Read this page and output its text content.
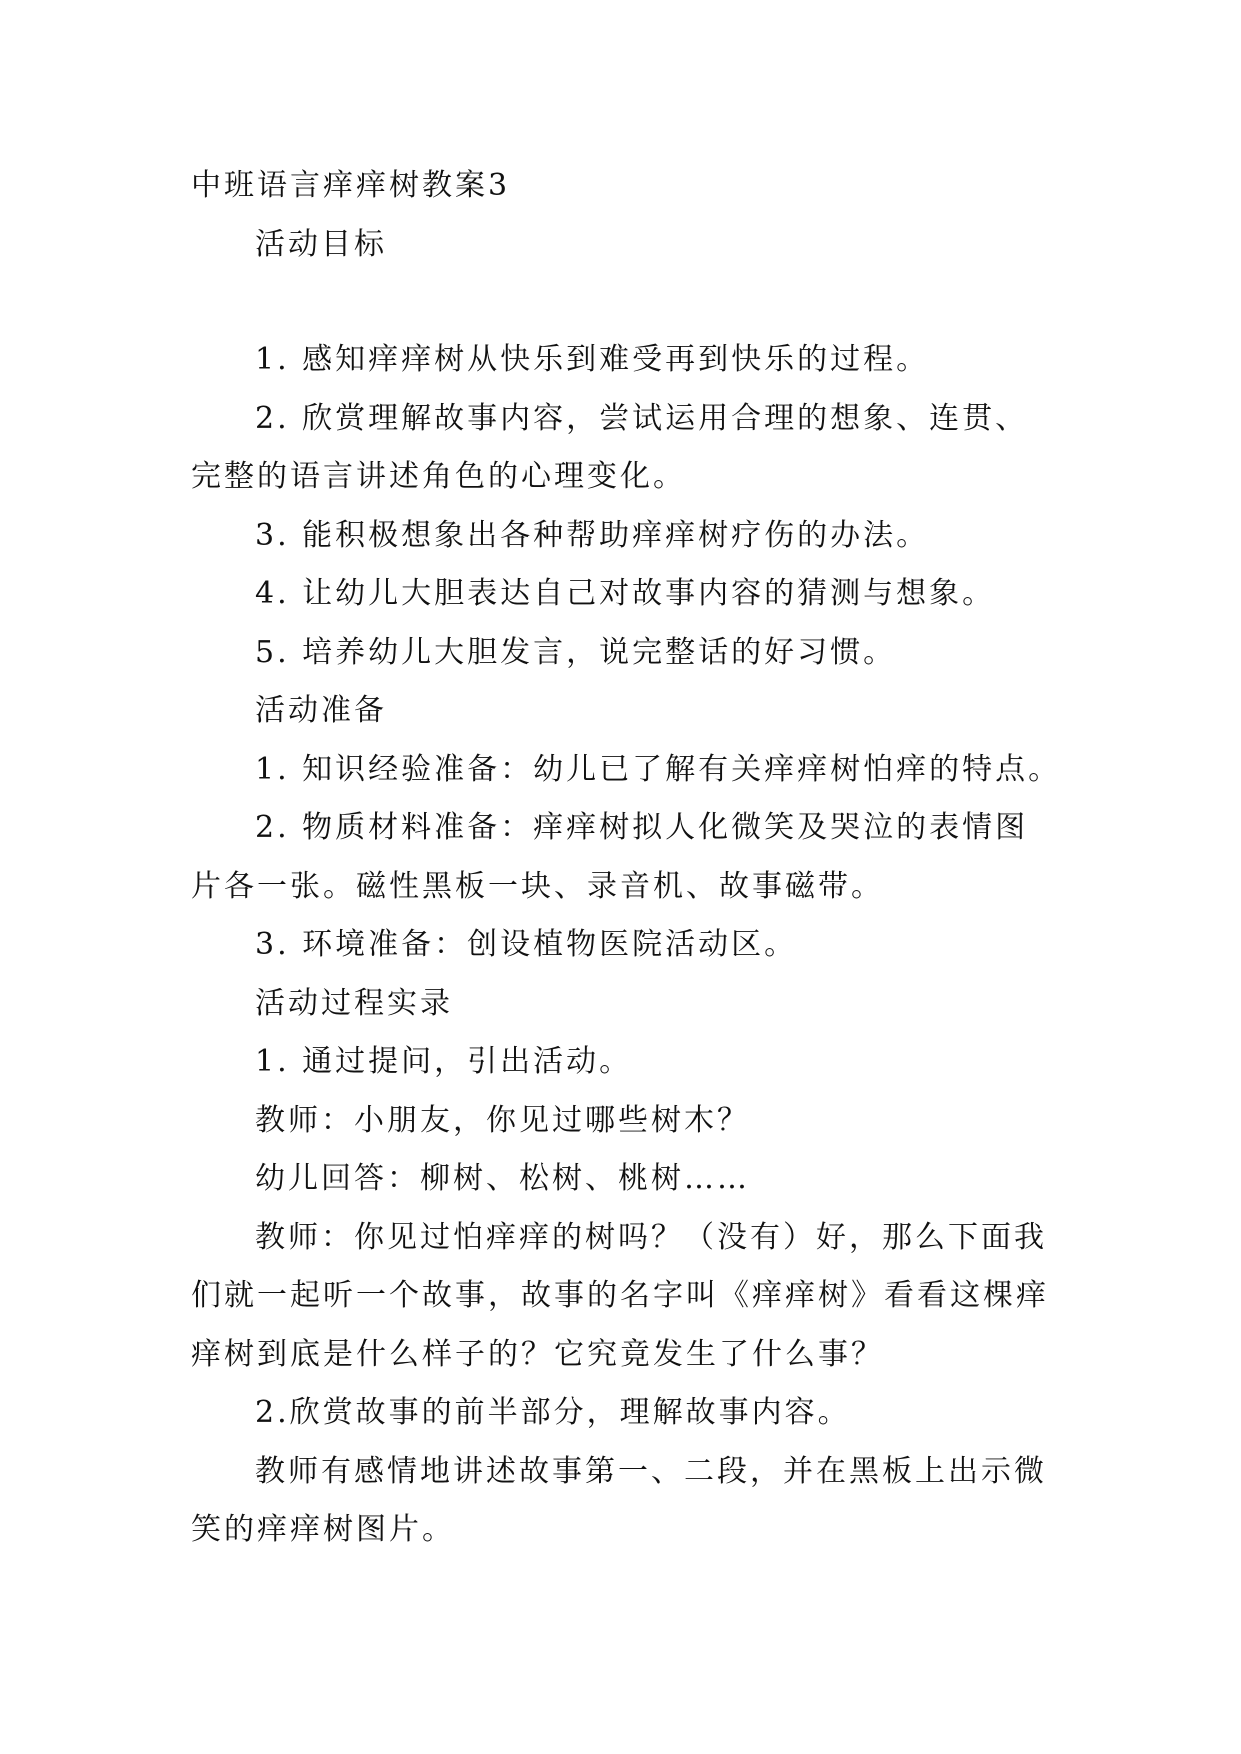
中班语言痒痒树教案3
活动目标
1. 感知痒痒树从快乐到难受再到快乐的过程。
2. 欣赏理解故事内容，尝试运用合理的想象、连贯、
完整的语言讲述角色的心理变化。
3. 能积极想象出各种帮助痒痒树疗伤的办法。
4. 让幼儿大胆表达自己对故事内容的猜测与想象。
5. 培养幼儿大胆发言，说完整话的好习惯。
活动准备
1. 知识经验准备：幼儿已了解有关痒痒树怕痒的特点。
2. 物质材料准备：痒痒树拟人化微笑及哭泣的表情图
片各一张。磁性黑板一块、录音机、故事磁带。
3. 环境准备：创设植物医院活动区。
活动过程实录
1. 通过提问，引出活动。
教师：小朋友，你见过哪些树木？
幼儿回答：柳树、松树、桃树……
教师：你见过怕痒痒的树吗？（没有）好，那么下面我
们就一起听一个故事，故事的名字叫《痒痒树》看看这棵痒
痒树到底是什么样子的？它究竟发生了什么事？
2.欣赏故事的前半部分，理解故事内容。
教师有感情地讲述故事第一、二段，并在黑板上出示微
笑的痒痒树图片。
